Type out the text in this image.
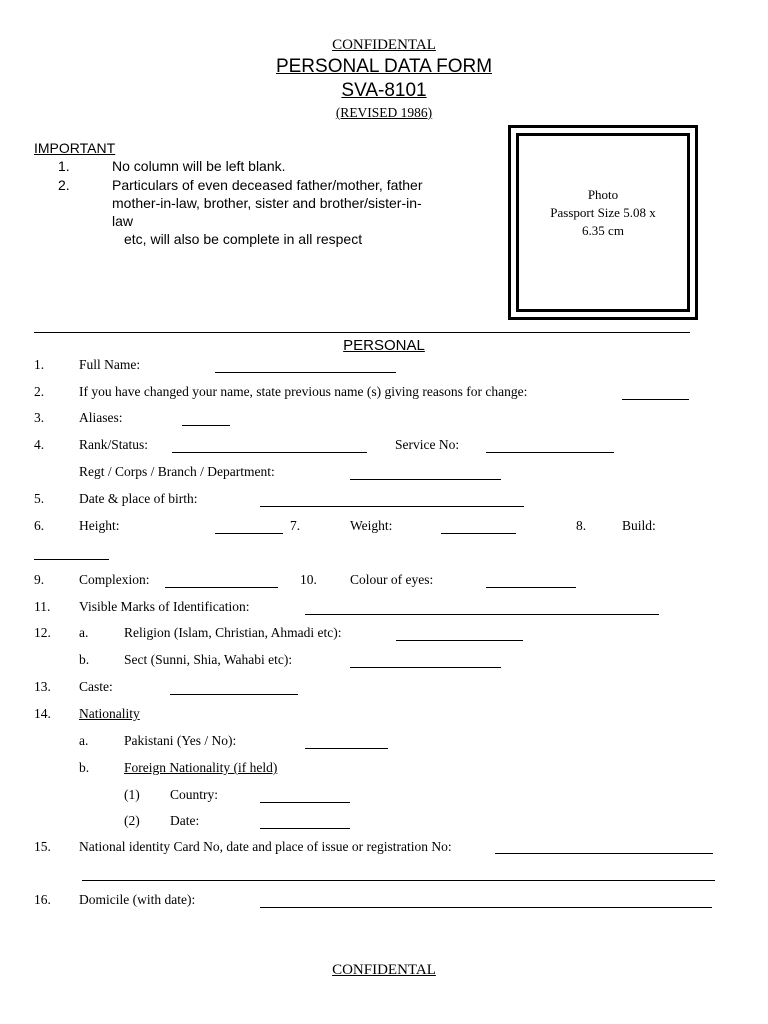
CONFIDENTAL
PERSONAL DATA FORM
SVA-8101
(REVISED 1986)
IMPORTANT
1.	No column will be left blank.
2.	Particulars of even deceased father/mother, father
mother-in-law, brother, sister and brother/sister-in-
law
etc, will also be complete in all respect
Photo
Passport Size 5.08 x
6.35 cm
PERSONAL
1.	Full Name:
2.	If you have changed your name, state previous name (s) giving reasons for change:
3.	Aliases:
4.	Rank/Status:	Service No:
Regt / Corps / Branch / Department:
5.	Date & place of birth:
6.	Height:	7.	Weight:	8.	Build:
9.	Complexion:	10. Colour of eyes:
11. Visible Marks of Identification:
12. a.	Religion (Islam, Christian, Ahmadi etc):
b.	Sect (Sunni, Shia, Wahabi etc):
13. Caste:
14. Nationality
a.	Pakistani (Yes / No):
b.	Foreign Nationality (if held)
(1) Country:
(2) Date:
15. National identity Card No, date and place of issue or registration No:
16. Domicile (with date):
CONFIDENTAL
